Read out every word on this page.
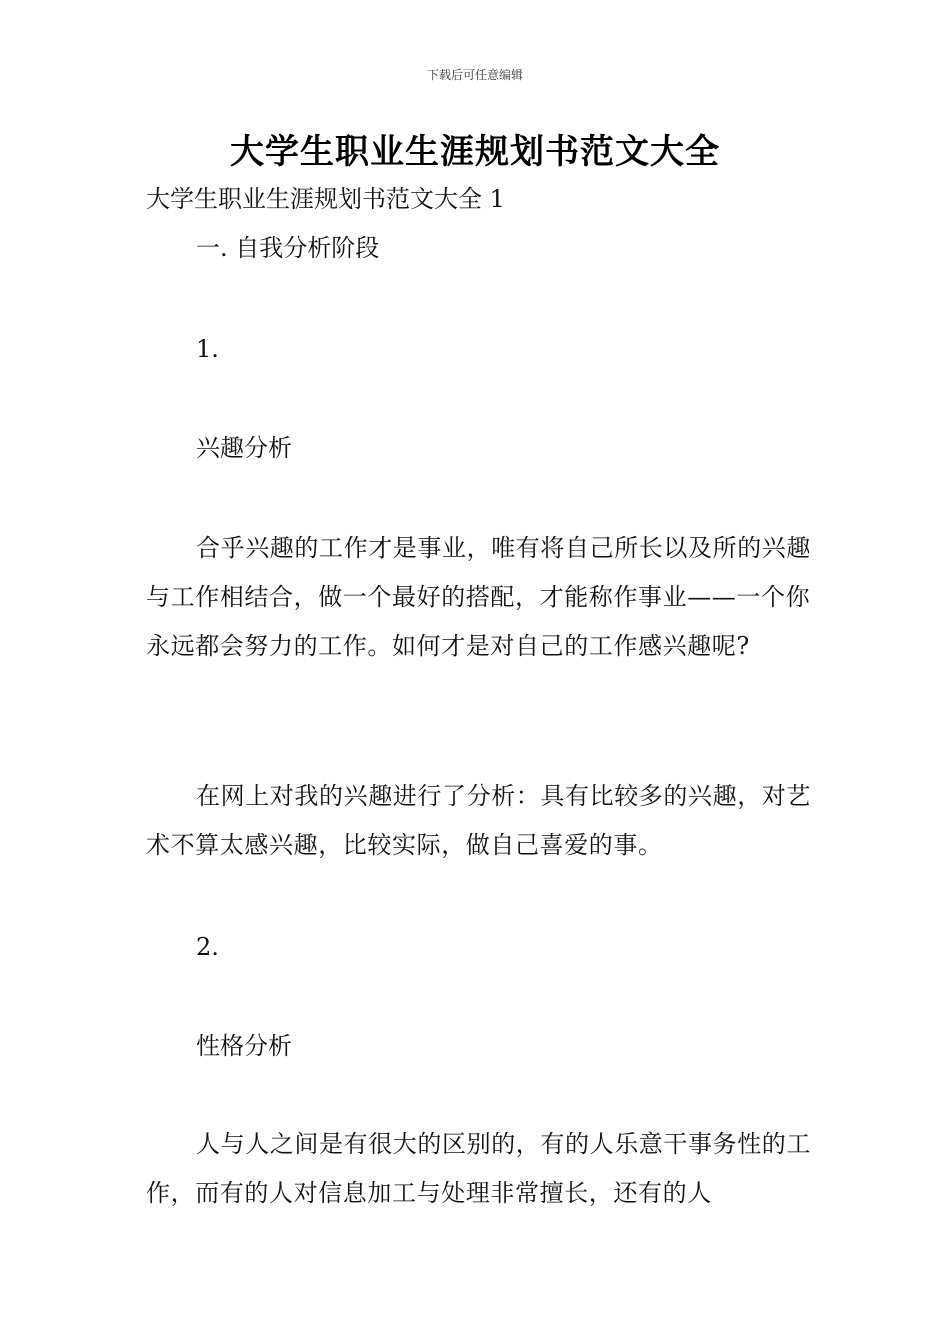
下载后可任意编辑
大学生职业生涯规划书范文大全
大学生职业生涯规划书范文大全 1
一. 自我分析阶段
1.
兴趣分析
合乎兴趣的工作才是事业，唯有将自己所长以及所的兴趣与工作相结合，做一个最好的搭配，才能称作事业——一个你永远都会努力的工作。如何才是对自己的工作感兴趣呢?
在网上对我的兴趣进行了分析：具有比较多的兴趣，对艺术不算太感兴趣，比较实际，做自己喜爱的事。
2.
性格分析
人与人之间是有很大的区别的，有的人乐意干事务性的工作，而有的人对信息加工与处理非常擅长，还有的人
